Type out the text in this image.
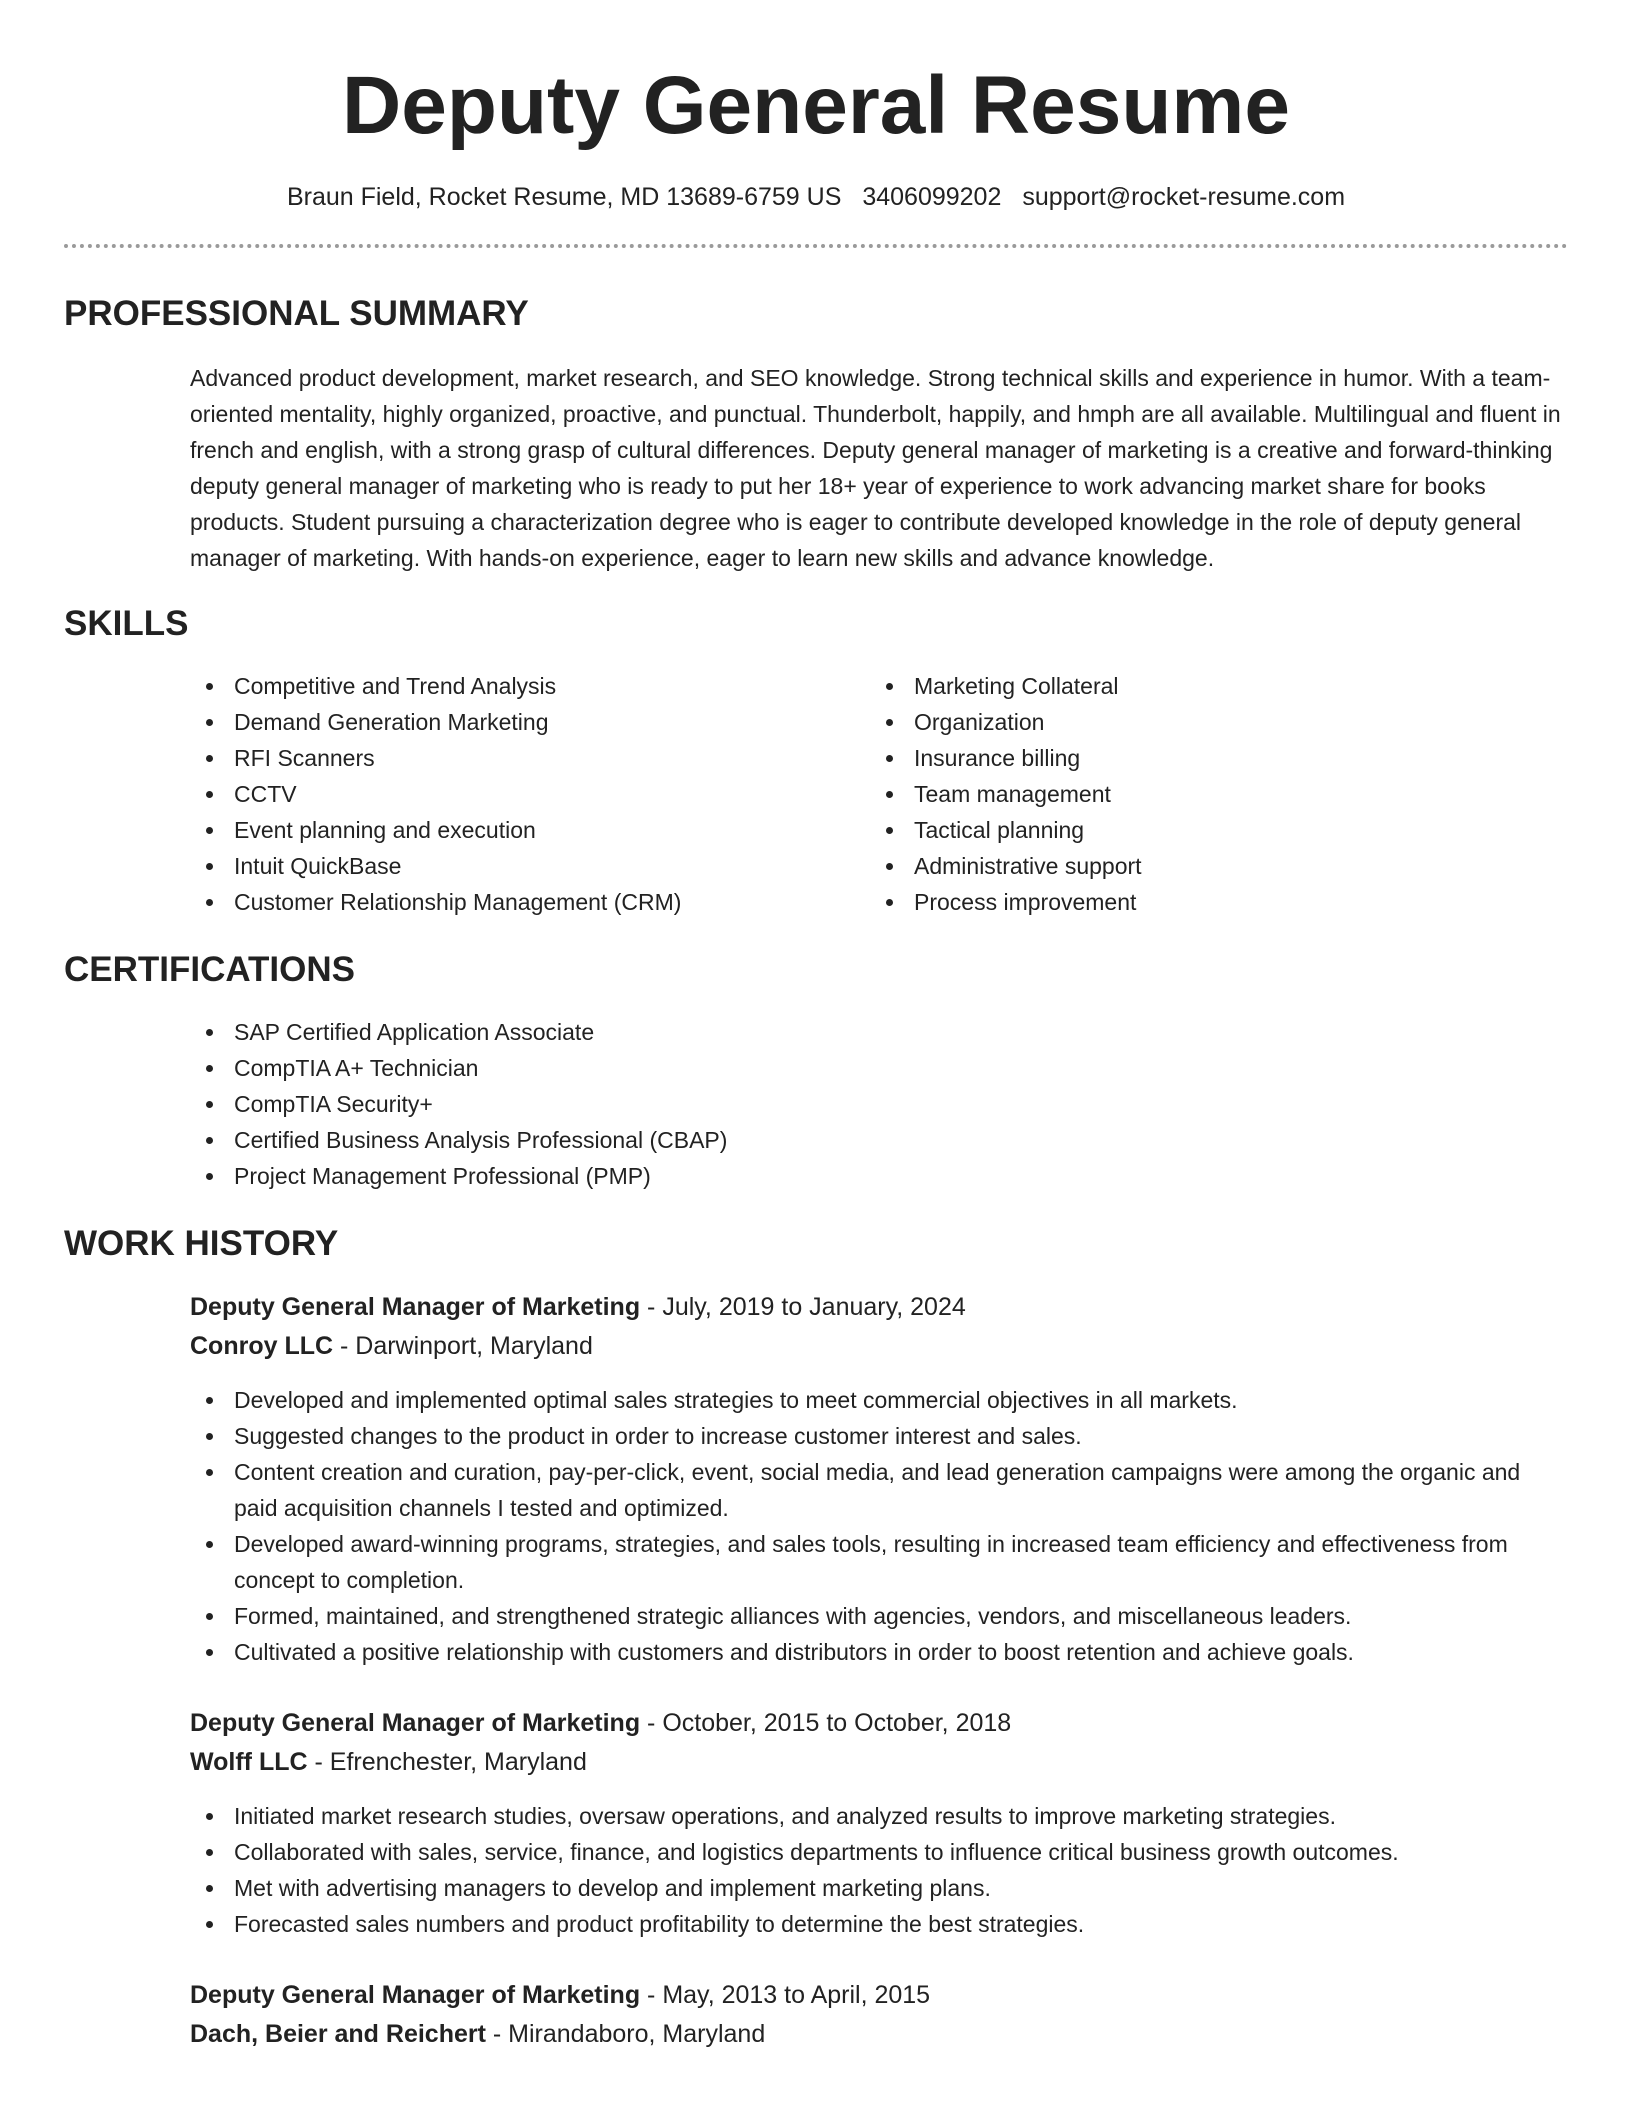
Deputy General Resume
Braun Field, Rocket Resume, MD 13689-6759 US 3406099202 support@rocket-resume.com
PROFESSIONAL SUMMARY

Advanced product development, market research, and SEO knowledge. Strong technical skills and experience in humor. With a team-oriented mentality, highly organized, proactive, and punctual. Thunderbolt, happily, and hmph are all available. Multilingual and fluent in french and english, with a strong grasp of cultural differences. Deputy general manager of marketing is a creative and forward-thinking deputy general manager of marketing who is ready to put her 18+ year of experience to work advancing market share for books products. Student pursuing a characterization degree who is eager to contribute developed knowledge in the role of deputy general manager of marketing. With hands-on experience, eager to learn new skills and advance knowledge.

SKILLS
Competitive and Trend Analysis
Demand Generation Marketing
RFI Scanners
CCTV
Event planning and execution
Intuit QuickBase
Customer Relationship Management (CRM)
Marketing Collateral
Organization
Insurance billing
Team management
Tactical planning
Administrative support
Process improvement
CERTIFICATIONS
SAP Certified Application Associate
CompTIA A+ Technician
CompTIA Security+
Certified Business Analysis Professional (CBAP)
Project Management Professional (PMP)
WORK HISTORY
Deputy General Manager of Marketing - July, 2019 to January, 2024
Conroy LLC - Darwinport, Maryland
Developed and implemented optimal sales strategies to meet commercial objectives in all markets.
Suggested changes to the product in order to increase customer interest and sales.
Content creation and curation, pay-per-click, event, social media, and lead generation campaigns were among the organic and paid acquisition channels I tested and optimized.
Developed award-winning programs, strategies, and sales tools, resulting in increased team efficiency and effectiveness from concept to completion.
Formed, maintained, and strengthened strategic alliances with agencies, vendors, and miscellaneous leaders.
Cultivated a positive relationship with customers and distributors in order to boost retention and achieve goals.
Deputy General Manager of Marketing - October, 2015 to October, 2018
Wolff LLC - Efrenchester, Maryland
Initiated market research studies, oversaw operations, and analyzed results to improve marketing strategies.
Collaborated with sales, service, finance, and logistics departments to influence critical business growth outcomes.
Met with advertising managers to develop and implement marketing plans.
Forecasted sales numbers and product profitability to determine the best strategies.
Deputy General Manager of Marketing - May, 2013 to April, 2015
Dach, Beier and Reichert - Mirandaboro, Maryland
